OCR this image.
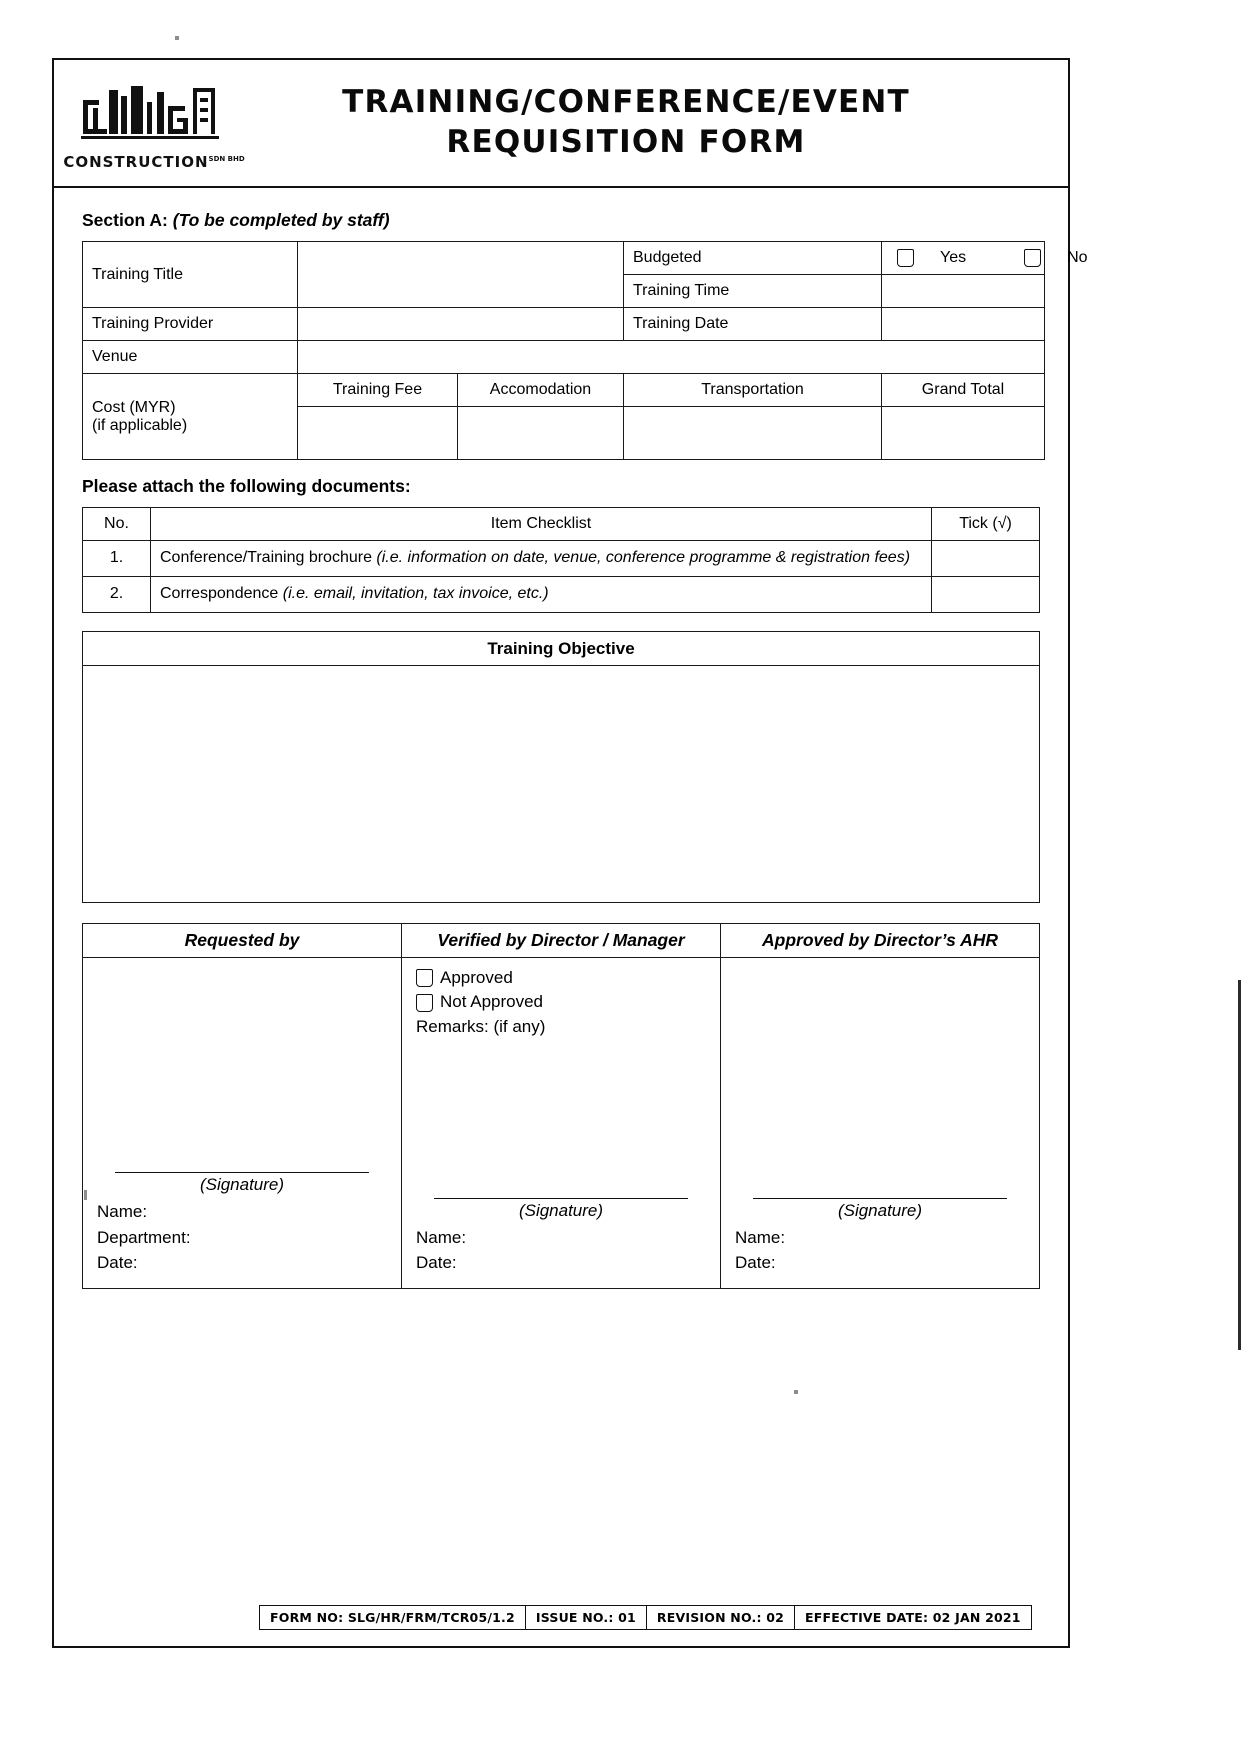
$CONSTRUCTION^{SDN BHD}$
TRAINING/CONFERENCE/EVENT
REQUISITION FORM
Section A: (To be completed by staff)
Training Title			Budgeted	Yes No

			Training Time	
Training Provider			Training Date	
Venue				

Cost (MYR)
(if applicable)	Training Fee	Accomodation	Transportation	Grand Total

Please attach the following documents:
No.	Item Checklist	Tick (√)
1.	Conference/Training brochure (i.e. information on date, venue, conference programme & registration fees)	
2.	Correspondence (i.e. email, invitation, tax invoice, etc.)	
Training Objective
Requested by
(Signature)
Name:
Department:
Date:
Verified by Director / Manager
Approved
Not Approved
Remarks: (if any)
(Signature)
Name:
Date:
Approved by Director’s AHR
(Signature)
Name:
Date:
FORM NO: SLG/HR/FRM/TCR05/1.2	ISSUE NO.: 01	REVISION NO.: 02	EFFECTIVE DATE: 02 JAN 2021
